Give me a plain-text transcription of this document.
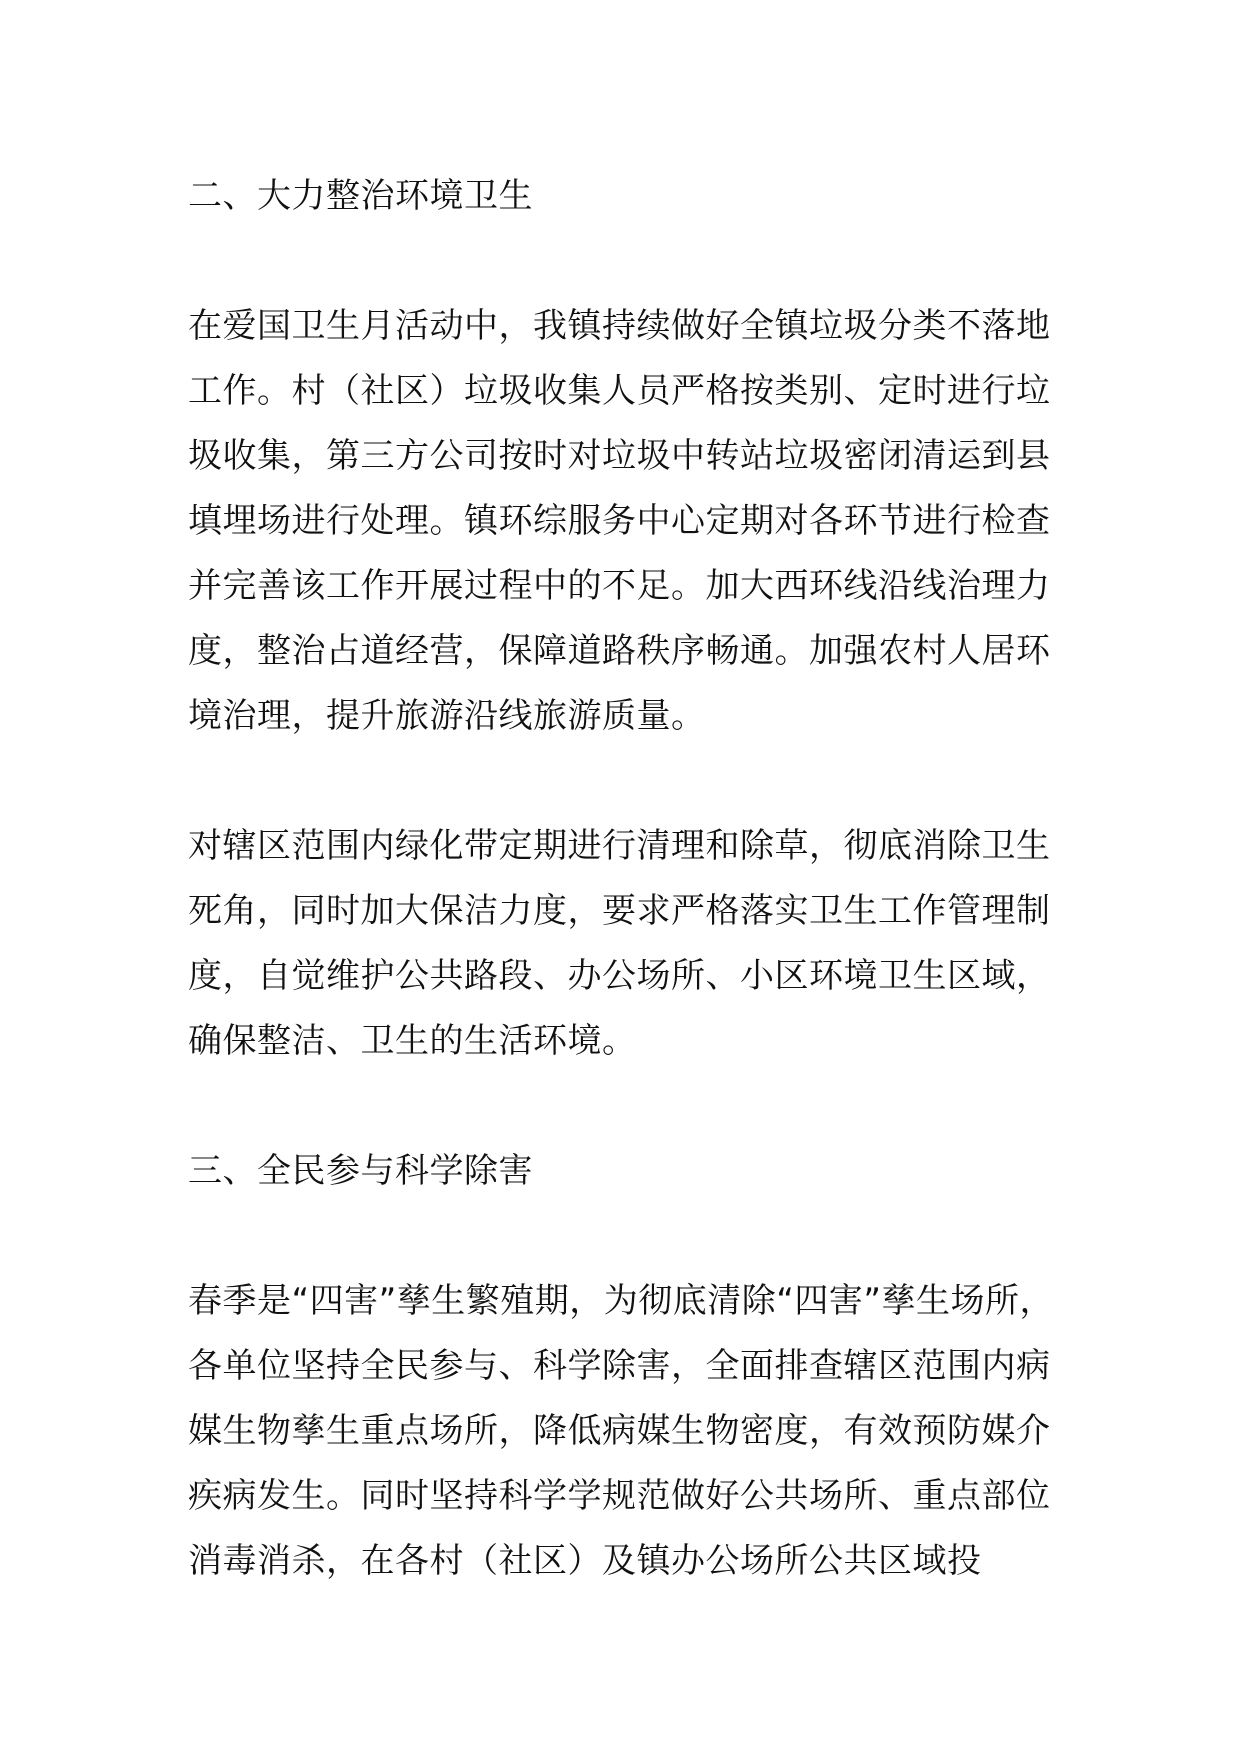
二、大力整治环境卫生

在爱国卫生月活动中，我镇持续做好全镇垃圾分类不落地工作。村（社区）垃圾收集人员严格按类别、定时进行垃圾收集，第三方公司按时对垃圾中转站垃圾密闭清运到县填埋场进行处理。镇环综服务中心定期对各环节进行检查并完善该工作开展过程中的不足。加大西环线沿线治理力度，整治占道经营，保障道路秩序畅通。加强农村人居环境治理，提升旅游沿线旅游质量。

对辖区范围内绿化带定期进行清理和除草，彻底消除卫生死角，同时加大保洁力度，要求严格落实卫生工作管理制度，自觉维护公共路段、办公场所、小区环境卫生区域，确保整洁、卫生的生活环境。

三、全民参与科学除害

春季是“四害”孳生繁殖期，为彻底清除“四害”孳生场所，各单位坚持全民参与、科学除害，全面排查辖区范围内病媒生物孳生重点场所，降低病媒生物密度，有效预防媒介疾病发生。同时坚持科学学规范做好公共场所、重点部位消毒消杀，在各村（社区）及镇办公场所公共区域投
